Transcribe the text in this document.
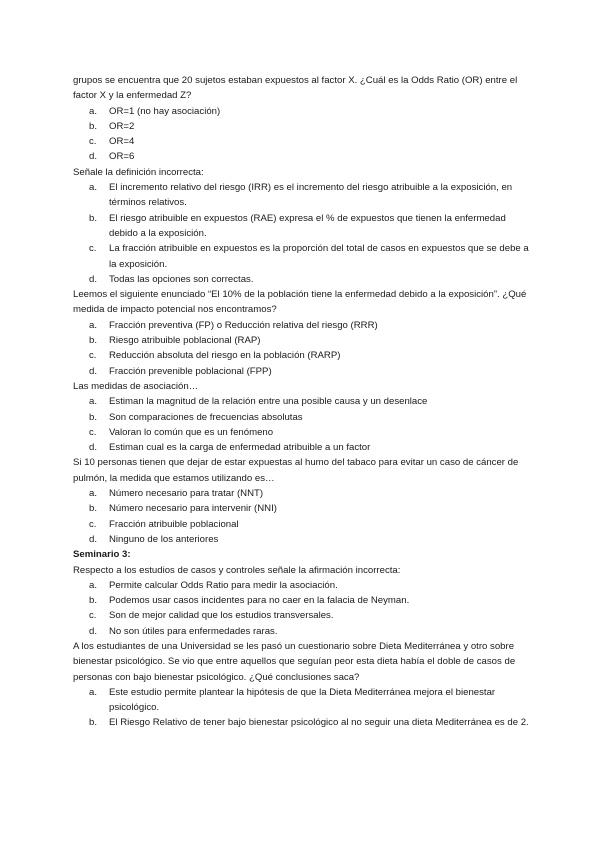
grupos se encuentra que 20 sujetos estaban expuestos al factor X. ¿Cuál es la Odds Ratio (OR) entre el factor X y la enfermedad Z?

a. OR=1 (no hay asociación)
b. OR=2
c. OR=4
d. OR=6

Señale la definición incorrecta:

a. El incremento relativo del riesgo (IRR) es el incremento del riesgo atribuible a la exposición, en términos relativos.
b. El riesgo atribuible en expuestos (RAE) expresa el % de expuestos que tienen la enfermedad debido a la exposición.
c. La fracción atribuible en expuestos es la proporción del total de casos en expuestos que se debe a la exposición.
d. Todas las opciones son correctas.

Leemos el siguiente enunciado “El 10% de la población tiene la enfermedad debido a la exposición”. ¿Qué medida de impacto potencial nos encontramos?

a. Fracción preventiva (FP) o Reducción relativa del riesgo (RRR)
b. Riesgo atribuible poblacional (RAP)
c. Reducción absoluta del riesgo en la población (RARP)
d. Fracción prevenible poblacional (FPP)

Las medidas de asociación…

a. Estiman la magnitud de la relación entre una posible causa y un desenlace
b. Son comparaciones de frecuencias absolutas
c. Valoran lo común que es un fenómeno
d. Estiman cual es la carga de enfermedad atribuible a un factor

Si 10 personas tienen que dejar de estar expuestas al humo del tabaco para evitar un caso de cáncer de pulmón, la medida que estamos utilizando es…

a. Número necesario para tratar (NNT)
b. Número necesario para intervenir (NNI)
c. Fracción atribuible poblacional
d. Ninguno de los anteriores

Seminario 3:

Respecto a los estudios de casos y controles señale la afirmación incorrecta:

a. Permite calcular Odds Ratio para medir la asociación.
b. Podemos usar casos incidentes para no caer en la falacia de Neyman.
c. Son de mejor calidad que los estudios transversales.
d. No son útiles para enfermedades raras.

A los estudiantes de una Universidad se les pasó un cuestionario sobre Dieta Mediterránea y otro sobre bienestar psicológico. Se vio que entre aquellos que seguían peor esta dieta había el doble de casos de personas con bajo bienestar psicológico. ¿Qué conclusiones saca?

a. Este estudio permite plantear la hipótesis de que la Dieta Mediterránea mejora el bienestar psicológico.
b. El Riesgo Relativo de tener bajo bienestar psicológico al no seguir una dieta Mediterránea es de 2.
